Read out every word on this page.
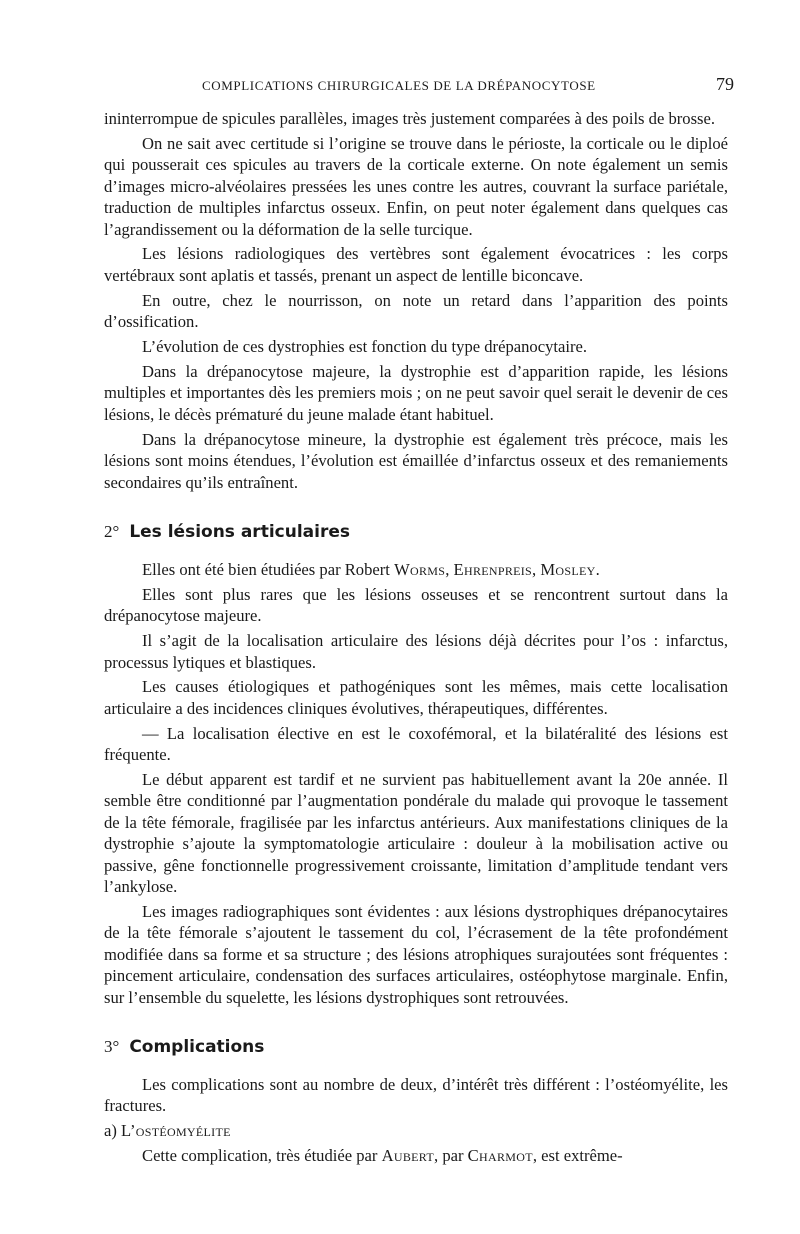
COMPLICATIONS CHIRURGICALES DE LA DRÉPANOCYTOSE	79

ininterrompue de spicules parallèles, images très justement comparées à des poils de brosse.

On ne sait avec certitude si l’origine se trouve dans le périoste, la corticale ou le diploé qui pousserait ces spicules au travers de la corticale externe. On note également un semis d’images micro-alvéolaires pressées les unes contre les autres, couvrant la surface pariétale, traduction de multiples infarctus osseux. Enfin, on peut noter également dans quelques cas l’agrandissement ou la déformation de la selle turcique.

Les lésions radiologiques des vertèbres sont également évocatrices : les corps vertébraux sont aplatis et tassés, prenant un aspect de lentille biconcave.

En outre, chez le nourrisson, on note un retard dans l’apparition des points d’ossification.

L’évolution de ces dystrophies est fonction du type drépanocytaire.

Dans la drépanocytose majeure, la dystrophie est d’apparition rapide, les lésions multiples et importantes dès les premiers mois ; on ne peut savoir quel serait le devenir de ces lésions, le décès prématuré du jeune malade étant habituel.

Dans la drépanocytose mineure, la dystrophie est également très précoce, mais les lésions sont moins étendues, l’évolution est émaillée d’infarctus osseux et des remaniements secondaires qu’ils entraînent.

2° Les lésions articulaires

Elles ont été bien étudiées par Robert Worms, Ehrenpreis, Mosley.

Elles sont plus rares que les lésions osseuses et se rencontrent surtout dans la drépanocytose majeure.

Il s’agit de la localisation articulaire des lésions déjà décrites pour l’os : infarctus, processus lytiques et blastiques.

Les causes étiologiques et pathogéniques sont les mêmes, mais cette localisation articulaire a des incidences cliniques évolutives, thérapeutiques, différentes.

— La localisation élective en est le coxofémoral, et la bilatéralité des lésions est fréquente.

Le début apparent est tardif et ne survient pas habituellement avant la 20e année. Il semble être conditionné par l’augmentation pondérale du malade qui provoque le tassement de la tête fémorale, fragilisée par les infarctus antérieurs. Aux manifestations cliniques de la dystrophie s’ajoute la symptomatologie articulaire : douleur à la mobilisation active ou passive, gêne fonctionnelle progressivement croissante, limitation d’amplitude tendant vers l’ankylose.

Les images radiographiques sont évidentes : aux lésions dystrophiques drépanocytaires de la tête fémorale s’ajoutent le tassement du col, l’écrasement de la tête profondément modifiée dans sa forme et sa structure ; des lésions atrophiques surajoutées sont fréquentes : pincement articulaire, condensation des surfaces articulaires, ostéophytose marginale. Enfin, sur l’ensemble du squelette, les lésions dystrophiques sont retrouvées.

3° Complications

Les complications sont au nombre de deux, d’intérêt très différent : l’ostéomyélite, les fractures.

a) L’ostéomyélite

Cette complication, très étudiée par Aubert, par Charmot, est extrême-
